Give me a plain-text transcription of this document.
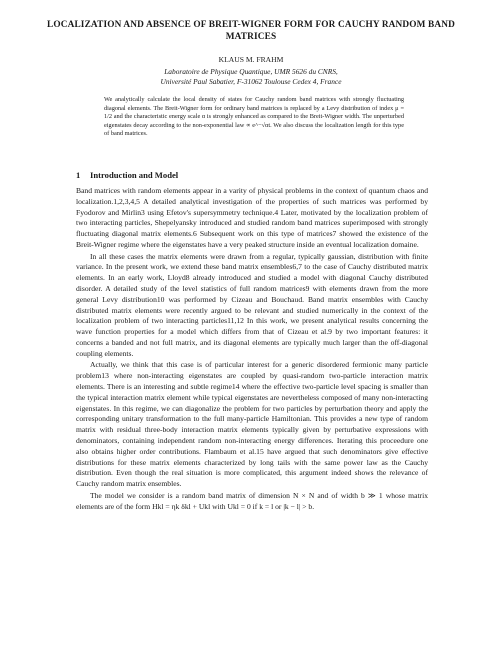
LOCALIZATION AND ABSENCE OF BREIT-WIGNER FORM FOR CAUCHY RANDOM BAND MATRICES
KLAUS M. FRAHM
Laboratoire de Physique Quantique, UMR 5626 du CNRS,
Université Paul Sabatier, F-31062 Toulouse Cedex 4, France

We analytically calculate the local density of states for Cauchy random band matrices with strongly fluctuating diagonal elements. The Breit-Wigner form for ordinary band matrices is replaced by a Levy distribution of index μ = 1/2 and the characteristic energy scale α is strongly enhanced as compared to the Breit-Wigner width. The unperturbed eigenstates decay according to the non-exponential law ∝ e^−√αt. We also discuss the localization length for this type of band matrices.

1 Introduction and Model

Band matrices with random elements appear in a varity of physical problems in the context of quantum chaos and localization.1,2,3,4,5 A detailed analytical investigation of the properties of such matrices was performed by Fyodorov and Mirlin3 using Efetov's supersymmetry technique.4 Later, motivated by the localization problem of two interacting particles, Shepelyansky introduced and studied random band matrices superimposed with strongly fluctuating diagonal matrix elements.6 Subsequent work on this type of matrices7 showed the existence of the Breit-Wigner regime where the eigenstates have a very peaked structure inside an eventual localization domaine.

In all these cases the matrix elements were drawn from a regular, typically gaussian, distribution with finite variance. In the present work, we extend these band matrix ensembles6,7 to the case of Cauchy distributed matrix elements. In an early work, Lloyd8 already introduced and studied a model with diagonal Cauchy distributed disorder. A detailed study of the level statistics of full random matrices9 with elements drawn from the more general Levy distribution10 was performed by Cizeau and Bouchaud. Band matrix ensembles with Cauchy distributed matrix elements were recently argued to be relevant and studied numerically in the context of the localization problem of two interacting particles11,12 In this work, we present analytical results concerning the wave function properties for a model which differs from that of Cizeau et al.9 by two important features: it concerns a banded and not full matrix, and its diagonal elements are typically much larger than the off-diagonal coupling elements.

Actually, we think that this case is of particular interest for a generic disordered fermionic many particle problem13 where non-interacting eigenstates are coupled by quasi-random two-particle interaction matrix elements. There is an interesting and subtle regime14 where the effective two-particle level spacing is smaller than the typical interaction matrix element while typical eigenstates are nevertheless composed of many non-interacting eigenstates. In this regime, we can diagonalize the problem for two particles by perturbation theory and apply the corresponding unitary transformation to the full many-particle Hamiltonian. This provides a new type of random matrix with residual three-body interaction matrix elements typically given by perturbative expressions with denominators, containing independent random non-interacting energy differences. Iterating this proceedure one also obtains higher order contributions. Flambaum et al.15 have argued that such denominators give effective distributions for these matrix elements characterized by long tails with the same power law as the Cauchy distribution. Even though the real situation is more complicated, this argument indeed shows the relevance of Cauchy random matrix ensembles.

The model we consider is a random band matrix of dimension N × N and of width b ≫ 1 whose matrix elements are of the form Hkl = ηk δkl + Ukl with Ukl = 0 if k = l or |k − l| > b.
